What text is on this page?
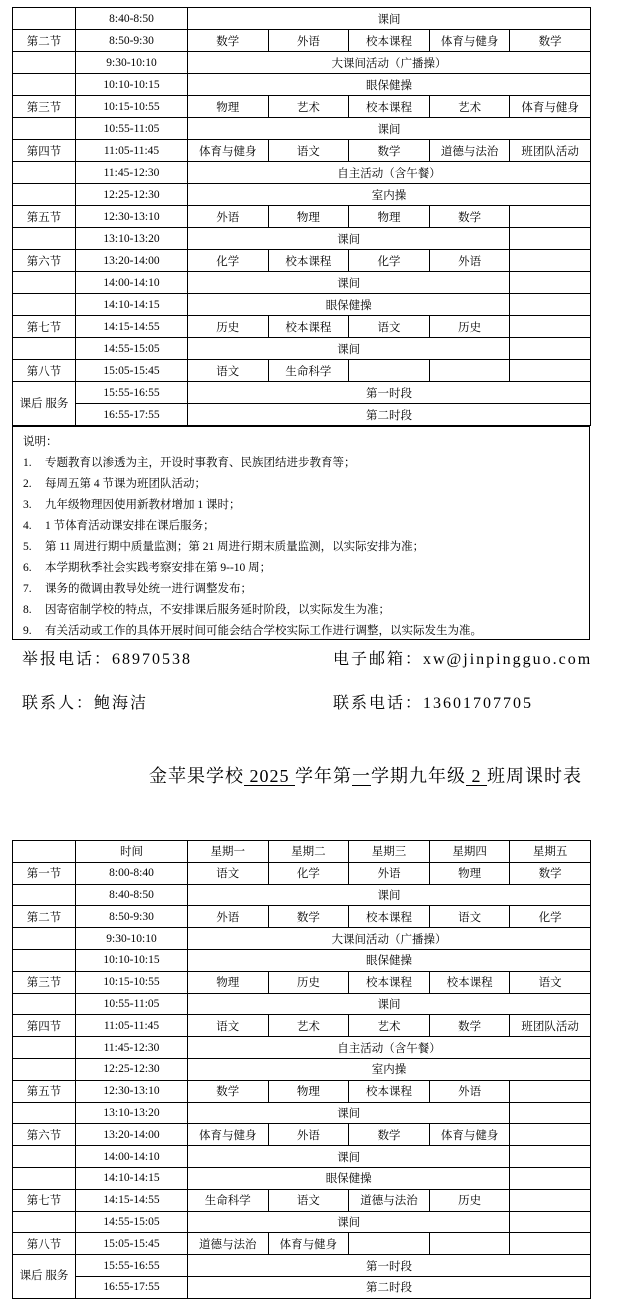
	8:40-8:50	课间				
第二节	8:50-9:30	数学	外语	校本课程	体育与健身	数学
	9:30-10:10	大课间活动（广播操）				
	10:10-10:15	眼保健操				
第三节	10:15-10:55	物理	艺术	校本课程	艺术	体育与健身
	10:55-11:05	课间				
第四节	11:05-11:45	体育与健身	语文	数学	道德与法治	班团队活动
	11:45-12:30	自主活动（含午餐）				
	12:25-12:30	室内操				
第五节	12:30-13:10	外语	物理	物理	数学	
	13:10-13:20	课间				
第六节	13:20-14:00	化学	校本课程	化学	外语	
	14:00-14:10	课间				
	14:10-14:15	眼保健操				
第七节	14:15-14:55	历史	校本课程	语文	历史	
	14:55-15:05	课间				
第八节	15:05-15:45	语文	生命科学			
课后 服务	15:55-16:55	第一时段				
	16:55-17:55	第二时段				
说明：
1. 专题教育以渗透为主，开设时事教育、民族团结进步教育等；
2. 每周五第 4 节课为班团队活动；
3. 九年级物理因使用新教材增加 1 课时；
4. 1 节体育活动课安排在课后服务；
5. 第 11 周进行期中质量监测；第 21 周进行期末质量监测，以实际安排为准；
6. 本学期秋季社会实践考察安排在第 9--10 周；
7. 课务的微调由教导处统一进行调整发布；
8. 因寄宿制学校的特点，不安排课后服务延时阶段，以实际发生为准；
9. 有关活动或工作的具体开展时间可能会结合学校实际工作进行调整，以实际发生为准。
举报电话：68970538	电子邮箱：xw@jinpingguo.com
联系人：鲍海洁	联系电话：13601707705
金苹果学校 2025 学年第一学期九年级 2 班周课时表
	时间	星期一	星期二	星期三	星期四	星期五
第一节	8:00-8:40	语文	化学	外语	物理	数学
	8:40-8:50	课间				
第二节	8:50-9:30	外语	数学	校本课程	语文	化学
	9:30-10:10	大课间活动（广播操）				
	10:10-10:15	眼保健操				
第三节	10:15-10:55	物理	历史	校本课程	校本课程	语文
	10:55-11:05	课间				
第四节	11:05-11:45	语文	艺术	艺术	数学	班团队活动
	11:45-12:30	自主活动（含午餐）				
	12:25-12:30	室内操				
第五节	12:30-13:10	数学	物理	校本课程	外语	
	13:10-13:20	课间				
第六节	13:20-14:00	体育与健身	外语	数学	体育与健身	
	14:00-14:10	课间				
	14:10-14:15	眼保健操				
第七节	14:15-14:55	生命科学	语文	道德与法治	历史	
	14:55-15:05	课间				
第八节	15:05-15:45	道德与法治	体育与健身			
课后 服务	15:55-16:55	第一时段				
	16:55-17:55	第二时段				
